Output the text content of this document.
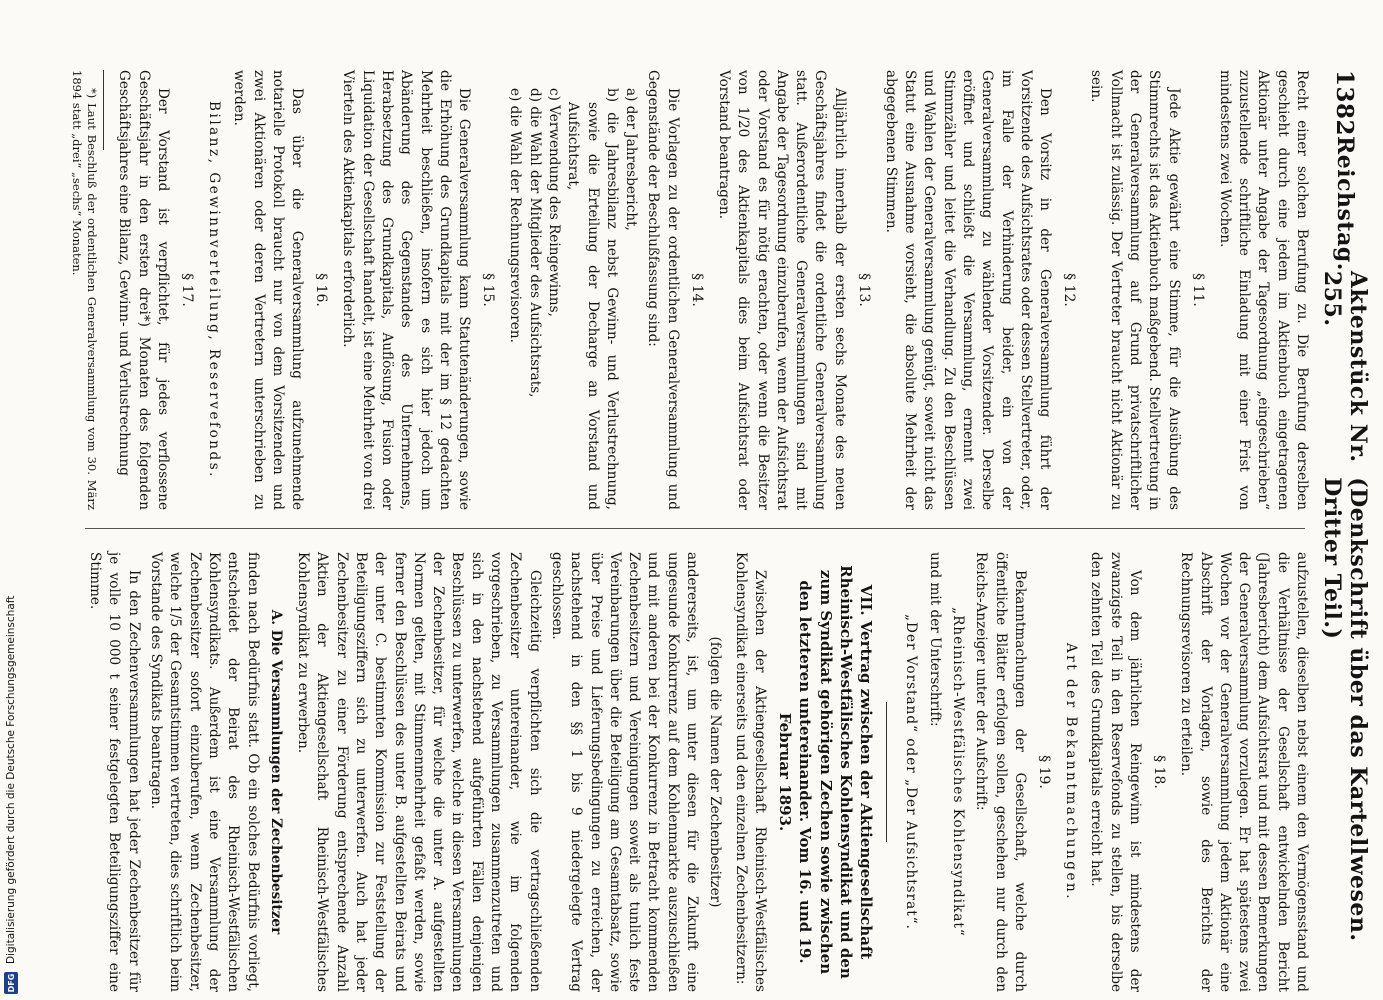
1382
Reichstag.
Aktenstück Nr. 255.
(Denkschrift über das Kartellwesen. Dritter Teil.)

Recht einer solchen Berufung zu. Die Berufung derselben geschieht durch eine jedem im Aktienbuch eingetragenen Aktionär unter Angabe der Tagesordnung „eingeschrieben“ zuzustellende schriftliche Einladung mit einer Frist von mindestens zwei Wochen.

§ 11.

Jede Aktie gewährt eine Stimme, für die Ausübung des Stimmrechts ist das Aktienbuch maßgebend. Stellvertretung in der Generalversammlung auf Grund privatschriftlicher Vollmacht ist zulässig. Der Vertreter braucht nicht Aktionär zu sein.

§ 12.

Den Vorsitz in der Generalversammlung führt der Vorsitzende des Aufsichtsrates oder dessen Stellvertreter, oder, im Falle der Verhinderung beider, ein von der Generalversammlung zu wählender Vorsitzender. Derselbe eröffnet und schließt die Versammlung, ernennt zwei Stimmzähler und leitet die Verhandlung. Zu den Beschlüssen und Wahlen der Generalversammlung genügt, soweit nicht das Statut eine Ausnahme vorsieht, die absolute Mehrheit der abgegebenen Stimmen.

§ 13.

Alljährlich innerhalb der ersten sechs Monate des neuen Geschäftsjahres findet die ordentliche Generalversammlung statt. Außerordentliche Generalversammlungen sind mit Angabe der Tagesordnung einzuberufen, wenn der Aufsichtsrat oder Vorstand es für nötig erachten, oder wenn die Besitzer von 1/20 des Aktienkapitals dies beim Aufsichtsrat oder Vorstand beantragen.

§ 14.

Die Vorlagen zu der ordentlichen Generalversammlung und Gegenstände der Beschlußfassung sind:

a) der Jahresbericht,
b) die Jahresbilanz nebst Gewinn- und Verlustrechnung, sowie die Erteilung der Decharge an Vorstand und Aufsichtsrat,
c) Verwendung des Reingewinns,
d) die Wahl der Mitglieder des Aufsichtsrats,
e) die Wahl der Rechnungsrevisoren.
§ 15.

Die Generalversammlung kann Statutenänderungen, sowie die Erhöhung des Grundkapitals mit der im § 12 gedachten Mehrheit beschließen, insofern es sich hier jedoch um Abänderung des Gegenstandes des Unternehmens, Herabsetzung des Grundkapitals, Auflösung, Fusion oder Liquidation der Gesellschaft handelt, ist eine Mehrheit von drei Vierteln des Aktienkapitals erforderlich.

§ 16.

Das über die Generalversammlung aufzunehmende notarielle Protokoll braucht nur von dem Vorsitzenden und zwei Aktionären oder deren Vertretern unterschrieben zu werden.

Bilanz, Gewinnverteilung, Reservefonds.
§ 17.

Der Vorstand ist verpflichtet, für jedes verflossene Geschäftsjahr in den ersten drei*) Monaten des folgenden Geschäftsjahres eine Bilanz, Gewinn- und Verlustrechnung

*) Laut Beschluß der ordentlichen Generalversammlung vom 30. März 1894 statt „drei“ „sechs“ Monaten.

aufzustellen, dieselben nebst einem den Vermögensstand und die Verhältnisse der Gesellschaft entwickelnden Bericht (Jahresbericht) dem Aufsichtsrat und mit dessen Bemerkungen der Generalversammlung vorzulegen. Er hat spätestens zwei Wochen vor der Generalversammlung jedem Aktionär eine Abschrift der Vorlagen, sowie des Berichts der Rechnungsrevisoren zu erteilen.

§ 18.

Von dem jährlichen Reingewinn ist mindestens der zwanzigste Teil in den Reservefonds zu stellen, bis derselbe den zehnten Teil des Grundkapitals erreicht hat.

Art der Bekanntmachungen.
§ 19.

Bekanntmachungen der Gesellschaft, welche durch öffentliche Blätter erfolgen sollen, geschehen nur durch den Reichs-Anzeiger unter der Aufschrift:

„Rheinisch-Westfälisches Kohlensyndikat“

und mit der Unterschrift:

„Der Vorstand“ oder „Der Aufsichtsrat“.
VII. Vertrag zwischen der Aktiengesellschaft Rheinisch-Westfälisches Kohlensyndikat und den zum Syndikat gehörigen Zechen sowie zwischen den letzteren untereinander. Vom 16. und 19. Februar 1893.

Zwischen der Aktiengesellschaft Rheinisch-Westfälisches Kohlensyndikat einerseits und den einzelnen Zechenbesitzern:

(folgen die Namen der Zechenbesitzer)

andererseits, ist, um unter diesen für die Zukunft eine ungesunde Konkurrenz auf dem Kohlenmarkte auszuschließen und mit anderen bei der Konkurrenz in Betracht kommenden Zechenbesitzern und Vereinigungen soweit als tunlich feste Vereinbarungen über die Beteiligung am Gesamtabsatz, sowie über Preise und Lieferungsbedingungen zu erreichen, der nachstehend in den §§ 1 bis 9 niedergelegte Vertrag geschlossen.

Gleichzeitig verpflichten sich die vertragschließenden Zechenbesitzer untereinander, wie im folgenden vorgeschrieben, zu Versammlungen zusammenzutreten und sich in den nachstehend aufgeführten Fällen denjenigen Beschlüssen zu unterwerfen, welche in diesen Versammlungen der Zechenbesitzer, für welche die unter A. aufgestellten Normen gelten, mit Stimmenmehrheit gefaßt werden, sowie ferner den Beschlüssen des unter B. aufgestellten Beirats und der unter C. bestimmten Kommission zur Feststellung der Beteiligungsziffern sich zu unterwerfen. Auch hat jeder Zechenbesitzer zu einer Förderung entsprechende Anzahl Aktien der Aktiengesellschaft Rheinisch-Westfälisches Kohlensyndikat zu erwerben.

A. Die Versammlungen der Zechenbesitzer

finden nach Bedürfnis statt. Ob ein solches Bedürfnis vorliegt, entscheidet der Beirat des Rheinisch-Westfälischen Kohlensyndikats. Außerdem ist eine Versammlung der Zechenbesitzer sofort einzuberufen, wenn Zechenbesitzer, welche 1/5 der Gesamtstimmen vertreten, dies schriftlich beim Vorstande des Syndikats beantragen.

In den Zechenversammlungen hat jeder Zechenbesitzer für je volle 10 000 t seiner festgelegten Beteiligungsziffer eine Stimme.

DFG
Digitalisierung gefördert durch die Deutsche Forschungsgemeinschaft
